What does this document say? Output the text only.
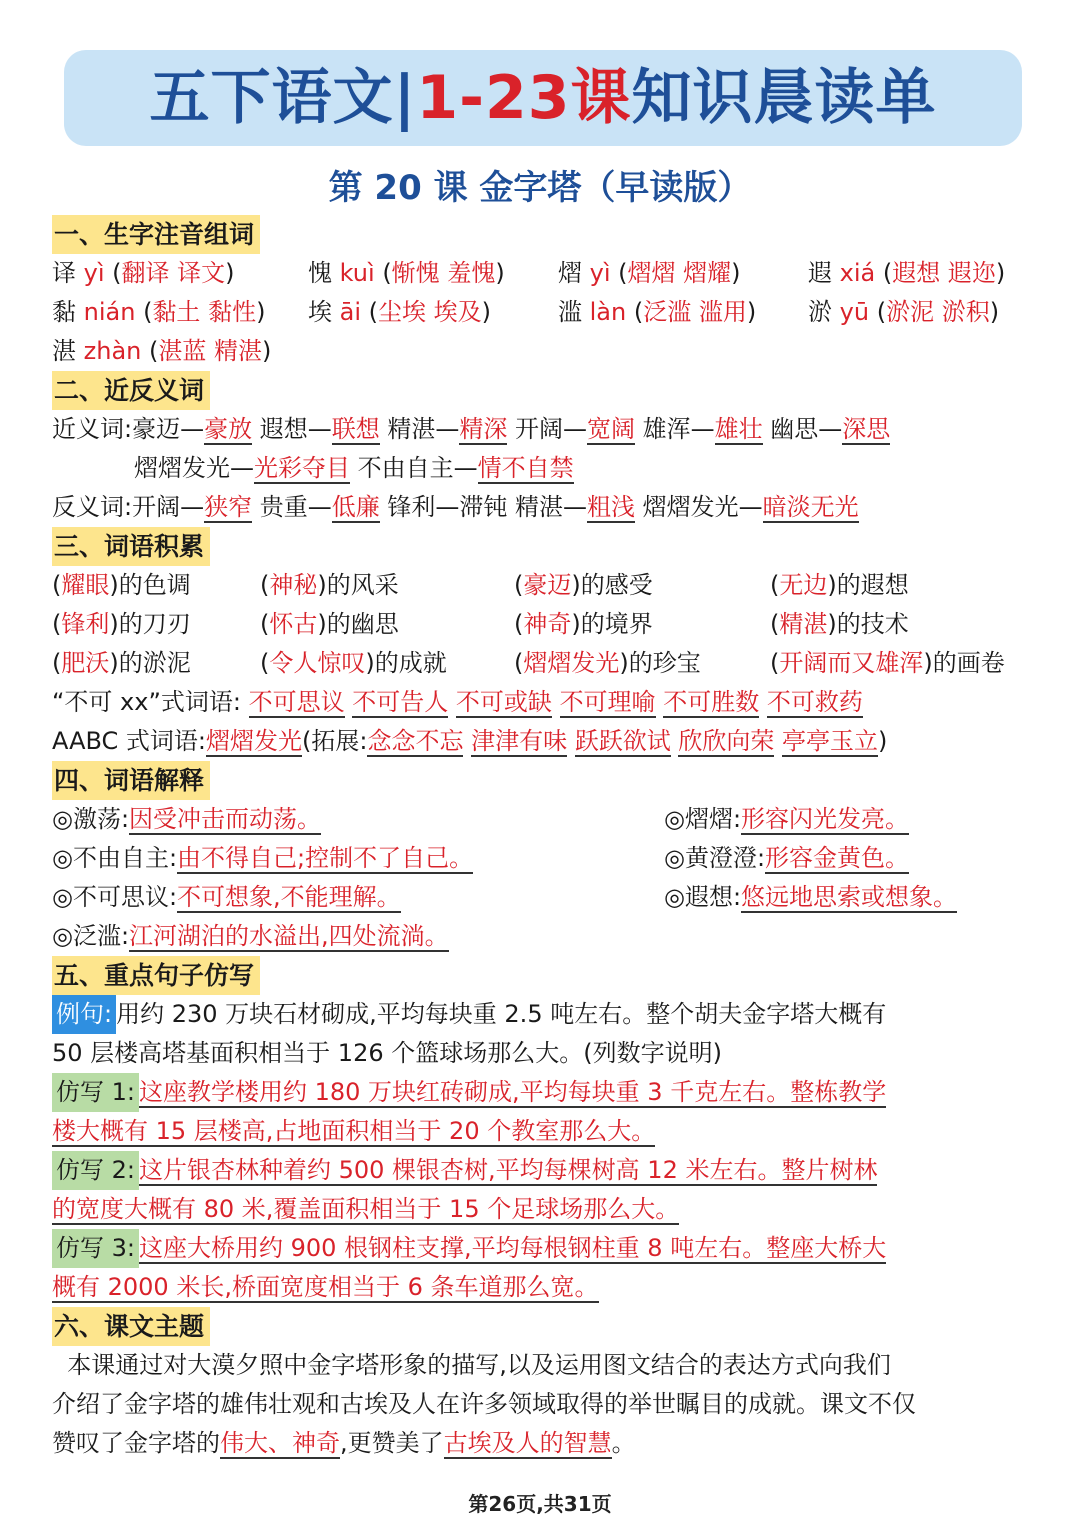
五下语文|1-23课知识晨读单
第 20 课 金字塔（早读版）
一、生字注音组词
译 yì (翻译 译文)	愧 kuì (惭愧 羞愧) 熠 yì (熠熠 熠耀)	遐 xiá (遐想 遐迩)
黏 nián (黏土 黏性) 埃 āi (尘埃 埃及)	滥 làn (泛滥 滥用) 淤 yū (淤泥 淤积)
湛 zhàn (湛蓝 精湛)
二、近反义词
近义词:豪迈—豪放 遐想—联想 精湛—精深 开阔—宽阔 雄浑—雄壮 幽思—深思
熠熠发光—光彩夺目 不由自主—情不自禁
反义词:开阔—狭窄 贵重—低廉 锋利—滞钝 精湛—粗浅 熠熠发光—暗淡无光
三、词语积累
(耀眼)的色调	(神秘)的风采	(豪迈)的感受	(无边)的遐想
(锋利)的刀刃	(怀古)的幽思	(神奇)的境界	(精湛)的技术
(肥沃)的淤泥	(令人惊叹)的成就	(熠熠发光)的珍宝	(开阔而又雄浑)的画卷
“不可 xx”式词语: 不可思议 不可告人 不可或缺 不可理喻 不可胜数 不可救药
AABC 式词语:熠熠发光(拓展:念念不忘 津津有味 跃跃欲试 欣欣向荣 亭亭玉立)
四、词语解释
◎激荡:因受冲击而动荡。	◎熠熠:形容闪光发亮。
◎不由自主:由不得自己;控制不了自己。	◎黄澄澄:形容金黄色。
◎不可思议:不可想象,不能理解。	◎遐想:悠远地思索或想象。
◎泛滥:江河湖泊的水溢出,四处流淌。
五、重点句子仿写
例句: 用约 230 万块石材砌成,平均每块重 2.5 吨左右。整个胡夫金字塔大概有
50 层楼高塔基面积相当于 126 个篮球场那么大。(列数字说明)
仿写 1: 这座教学楼用约 180 万块红砖砌成,平均每块重 3 千克左右。整栋教学
楼大概有 15 层楼高,占地面积相当于 20 个教室那么大。
仿写 2: 这片银杏林种着约 500 棵银杏树,平均每棵树高 12 米左右。整片树林
的宽度大概有 80 米,覆盖面积相当于 15 个足球场那么大。
仿写 3: 这座大桥用约 900 根钢柱支撑,平均每根钢柱重 8 吨左右。整座大桥大
概有 2000 米长,桥面宽度相当于 6 条车道那么宽。
六、课文主题
本课通过对大漠夕照中金字塔形象的描写,以及运用图文结合的表达方式向我们
介绍了金字塔的雄伟壮观和古埃及人在许多领域取得的举世瞩目的成就。课文不仅
赞叹了金字塔的伟大、神奇,更赞美了古埃及人的智慧。
第26页,共31页
